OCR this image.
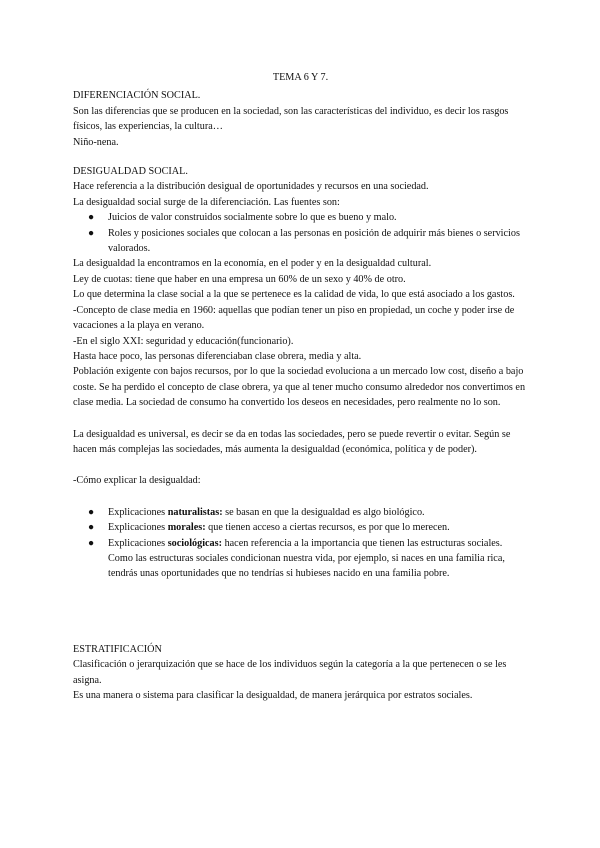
TEMA 6 Y 7.

DIFERENCIACIÓN SOCIAL.

Son las diferencias que se producen en la sociedad, son las características del individuo, es decir los rasgos físicos, las experiencias, la cultura…

Niño-nena.

DESIGUALDAD SOCIAL.

Hace referencia a la distribución desigual de oportunidades y recursos en una sociedad.

La desigualdad social surge de la diferenciación. Las fuentes son:

● Juicios de valor construidos socialmente sobre lo que es bueno y malo.
● Roles y posiciones sociales que colocan a las personas en posición de adquirir más bienes o servicios valorados.

La desigualdad la encontramos en la economía, en el poder y en la desigualdad cultural.

Ley de cuotas: tiene que haber en una empresa un 60% de un sexo y 40% de otro.

Lo que determina la clase social a la que se pertenece es la calidad de vida, lo que está asociado a los gastos.

-Concepto de clase media en 1960: aquellas que podían tener un piso en propiedad, un coche y poder irse de vacaciones a la playa en verano.

-En el siglo XXI: seguridad y educación(funcionario).

Hasta hace poco, las personas diferenciaban clase obrera, media y alta.

Población exigente con bajos recursos, por lo que la sociedad evoluciona a un mercado low cost, diseño a bajo coste. Se ha perdido el concepto de clase obrera, ya que al tener mucho consumo alrededor nos convertimos en clase media. La sociedad de consumo ha convertido los deseos en necesidades, pero realmente no lo son.

La desigualdad es universal, es decir se da en todas las sociedades, pero se puede revertir o evitar. Según se hacen más complejas las sociedades, más aumenta la desigualdad (económica, política y de poder).

-Cómo explicar la desigualdad:

● Explicaciones naturalistas: se basan en que la desigualdad es algo biológico.
● Explicaciones morales: que tienen acceso a ciertas recursos, es por que lo merecen.
● Explicaciones sociológicas: hacen referencia a la importancia que tienen las estructuras sociales. Como las estructuras sociales condicionan nuestra vida, por ejemplo, si naces en una familia rica, tendrás unas oportunidades que no tendrías si hubieses nacido en una familia pobre.

ESTRATIFICACIÓN

Clasificación o jerarquización que se hace de los individuos según la categoría a la que pertenecen o se les asigna.

Es una manera o sistema para clasificar la desigualdad, de manera jerárquica por estratos sociales.
